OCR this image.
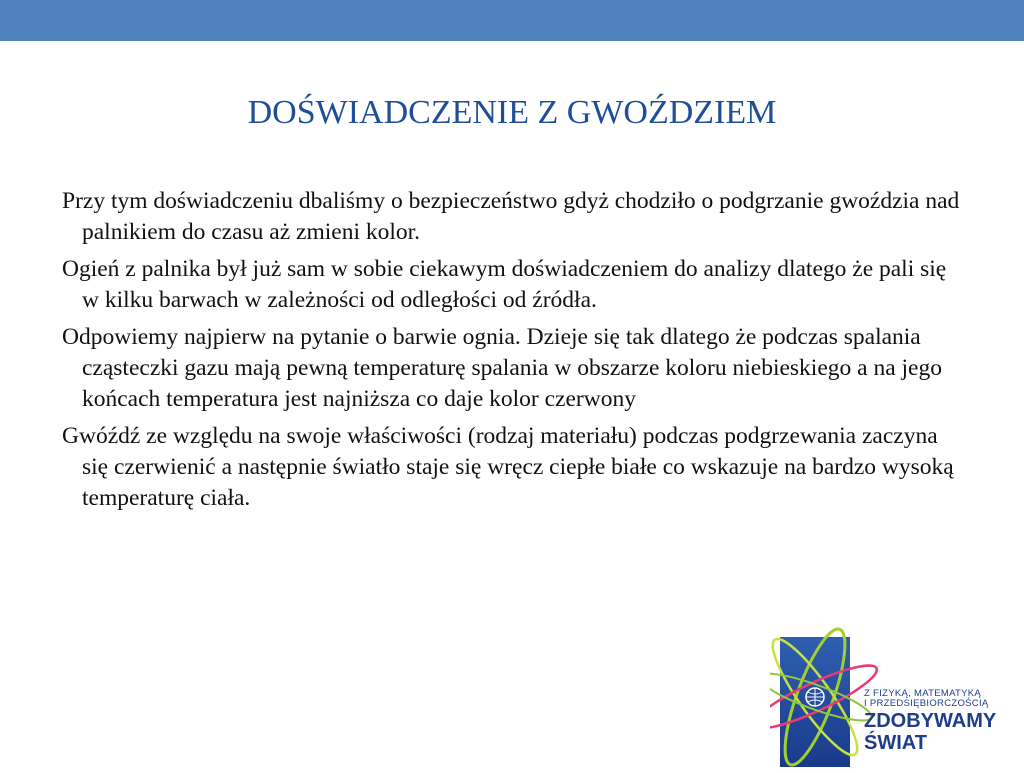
DOŚWIADCZENIE Z GWOŹDZIEM

Przy tym doświadczeniu dbaliśmy o bezpieczeństwo gdyż chodziło o podgrzanie gwoździa nad palnikiem do czasu aż zmieni kolor.

Ogień z palnika był już sam w sobie ciekawym doświadczeniem do analizy dlatego że pali się w kilku barwach w zależności od odległości od źródła.

Odpowiemy najpierw na pytanie o barwie ognia. Dzieje się tak dlatego że podczas spalania cząsteczki gazu mają pewną temperaturę spalania w obszarze koloru niebieskiego a na jego końcach temperatura jest najniższa co daje kolor czerwony

Gwóźdź ze względu na swoje właściwości (rodzaj materiału) podczas podgrzewania zaczyna się czerwienić a następnie światło staje się wręcz ciepłe białe co wskazuje na bardzo wysoką temperaturę ciała.

Z FIZYKĄ, MATEMATYKĄ
I PRZEDSIĘBIORCZOŚCIĄ
ZDOBYWAMY
ŚWIAT
